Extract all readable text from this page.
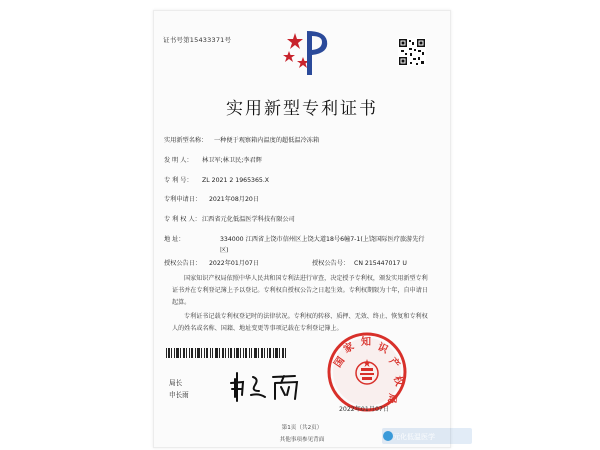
证书号第15433371号
实用新型专利证书
实用新型名称： 一种便于观察箱内温度的超低温冷冻箱
发 明 人： 林卫军;林卫民;李君辉
专 利 号： ZL 2021 2 1965365.X
专利申请日： 2021年08月20日
专 利 权 人：江西省元化低温医学科技有限公司
地 址：	334000 江西省上饶市信州区上饶大道18号6幢7-1(上饶国际医疗旅游先行区)
授权公告日： 2022年01月07日	授权公告号： CN 215447017 U

国家知识产权局依照中华人民共和国专利法进行审查，决定授予专利权，颁发实用新型专利证书并在专利登记簿上予以登记。专利权自授权公告之日起生效。专利权期限为十年，自申请日起算。

专利证书记载专利权登记时的法律状况。专利权的转移、质押、无效、终止、恢复和专利权人的姓名或名称、国籍、地址变更等事项记载在专利登记簿上。

局长
申长雨
国
家 知 识
产
权
局
2022年01月07日
第1页（共2页）
其他事项参见背面	元化低温医学
